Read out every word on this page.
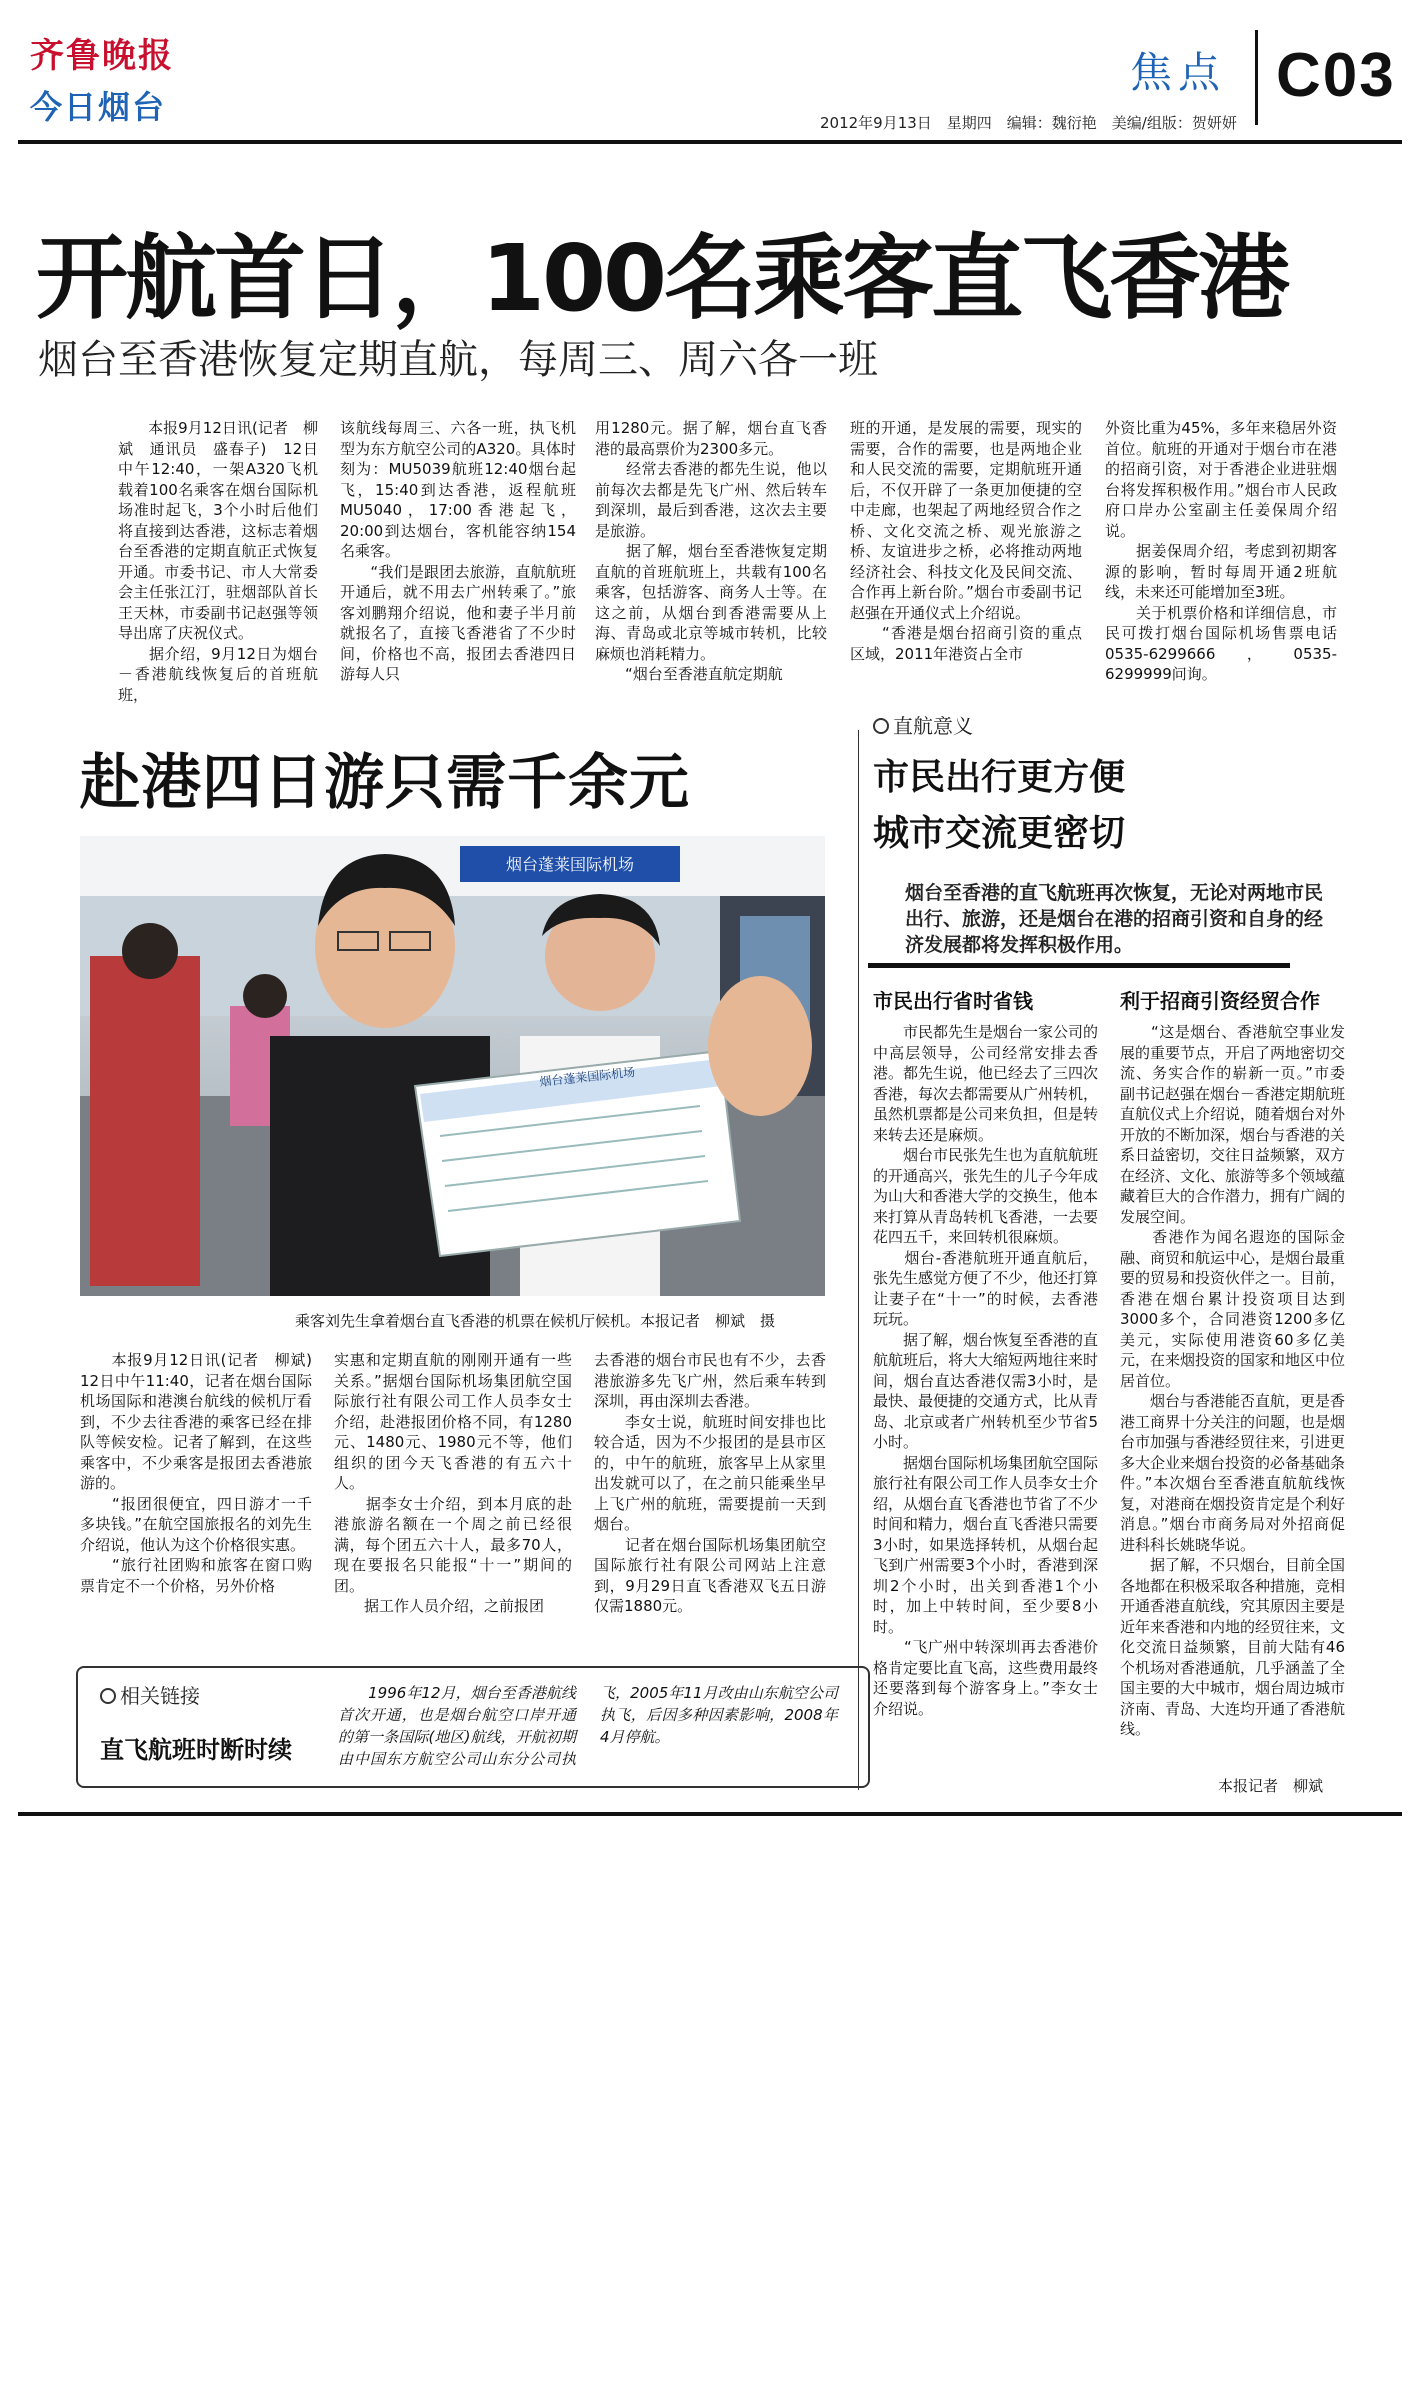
齐鲁晚报
今日烟台
焦点 C03
2012年9月13日　星期四　编辑：魏衍艳　美编/组版：贺妍妍
开航首日，100名乘客直飞香港
烟台至香港恢复定期直航，每周三、周六各一班

　　本报9月12日讯(记者　柳斌　通讯员　盛春子)　12日中午12:40，一架A320飞机载着100名乘客在烟台国际机场准时起飞，3个小时后他们将直接到达香港，这标志着烟台至香港的定期直航正式恢复开通。市委书记、市人大常委会主任张江汀，驻烟部队首长王天林，市委副书记赵强等领导出席了庆祝仪式。
　　据介绍，9月12日为烟台－香港航线恢复后的首班航班，

该航线每周三、六各一班，执飞机型为东方航空公司的A320。具体时刻为：MU5039航班12:40烟台起飞，15:40到达香港，返程航班MU5040，17:00香港起飞，20:00到达烟台，客机能容纳154名乘客。
　　“我们是跟团去旅游，直航航班开通后，就不用去广州转乘了。”旅客刘鹏翔介绍说，他和妻子半月前就报名了，直接飞香港省了不少时间，价格也不高，报团去香港四日游每人只

用1280元。据了解，烟台直飞香港的最高票价为2300多元。
　　经常去香港的都先生说，他以前每次去都是先飞广州、然后转车到深圳，最后到香港，这次去主要是旅游。
　　据了解，烟台至香港恢复定期直航的首班航班上，共载有100名乘客，包括游客、商务人士等。在这之前，从烟台到香港需要从上海、青岛或北京等城市转机，比较麻烦也消耗精力。
　　“烟台至香港直航定期航

班的开通，是发展的需要，现实的需要，合作的需要，也是两地企业和人民交流的需要，定期航班开通后，不仅开辟了一条更加便捷的空中走廊，也架起了两地经贸合作之桥、文化交流之桥、观光旅游之桥、友谊进步之桥，必将推动两地经济社会、科技文化及民间交流、合作再上新台阶。”烟台市委副书记赵强在开通仪式上介绍说。
　　“香港是烟台招商引资的重点区域，2011年港资占全市

外资比重为45%，多年来稳居外资首位。航班的开通对于烟台市在港的招商引资，对于香港企业进驻烟台将发挥积极作用。”烟台市人民政府口岸办公室副主任姜保周介绍说。
　　据姜保周介绍，考虑到初期客源的影响，暂时每周开通2班航线，未来还可能增加至3班。
　　关于机票价格和详细信息，市民可拨打烟台国际机场售票电话0535-6299666，0535-6299999问询。

赴港四日游只需千余元
烟台蓬莱国际机场
烟台蓬莱国际机场
乘客刘先生拿着烟台直飞香港的机票在候机厅候机。本报记者　柳斌　摄

　　本报9月12日讯(记者　柳斌)　12日中午11:40，记者在烟台国际机场国际和港澳台航线的候机厅看到，不少去往香港的乘客已经在排队等候安检。记者了解到，在这些乘客中，不少乘客是报团去香港旅游的。
　　“报团很便宜，四日游才一千多块钱。”在航空国旅报名的刘先生介绍说，他认为这个价格很实惠。
　　“旅行社团购和旅客在窗口购票肯定不一个价格，另外价格

实惠和定期直航的刚刚开通有一些关系。”据烟台国际机场集团航空国际旅行社有限公司工作人员李女士介绍，赴港报团价格不同，有1280元、1480元、1980元不等，他们组织的团今天飞香港的有五六十人。
　　据李女士介绍，到本月底的赴港旅游名额在一个周之前已经很满，每个团五六十人，最多70人，现在要报名只能报“十一”期间的团。
　　据工作人员介绍，之前报团

去香港的烟台市民也有不少，去香港旅游多先飞广州，然后乘车转到深圳，再由深圳去香港。
　　李女士说，航班时间安排也比较合适，因为不少报团的是县市区的，中午的航班，旅客早上从家里出发就可以了，在之前只能乘坐早上飞广州的航班，需要提前一天到烟台。
　　记者在烟台国际机场集团航空国际旅行社有限公司网站上注意到，9月29日直飞香港双飞五日游仅需1880元。

相关链接
直飞航班时断时续
　　1996年12月，烟台至香港航线首次开通，也是烟台航空口岸开通的第一条国际(地区)航线，开航初期由中国东方航空公司山东分公司执飞，2005年11月改由山东航空公司执飞，后因多种因素影响，2008年4月停航。
直航意义
市民出行更方便
城市交流更密切
烟台至香港的直飞航班再次恢复，无论对两地市民出行、旅游，还是烟台在港的招商引资和自身的经济发展都将发挥积极作用。
市民出行省时省钱	利于招商引资经贸合作
　　市民都先生是烟台一家公司的中高层领导，公司经常安排去香港。都先生说，他已经去了三四次香港，每次去都需要从广州转机，虽然机票都是公司来负担，但是转来转去还是麻烦。
　　烟台市民张先生也为直航航班的开通高兴，张先生的儿子今年成为山大和香港大学的交换生，他本来打算从青岛转机飞香港，一去要花四五千，来回转机很麻烦。
　　烟台-香港航班开通直航后，张先生感觉方便了不少，他还打算让妻子在“十一”的时候，去香港玩玩。
　　据了解，烟台恢复至香港的直航航班后，将大大缩短两地往来时间，烟台直达香港仅需3小时，是最快、最便捷的交通方式，比从青岛、北京或者广州转机至少节省5小时。
　　据烟台国际机场集团航空国际旅行社有限公司工作人员李女士介绍，从烟台直飞香港也节省了不少时间和精力，烟台直飞香港只需要3小时，如果选择转机，从烟台起飞到广州需要3个小时，香港到深圳2个小时，出关到香港1个小时，加上中转时间，至少要8小时。
　　“飞广州中转深圳再去香港价格肯定要比直飞高，这些费用最终还要落到每个游客身上。”李女士介绍说。
　　“这是烟台、香港航空事业发展的重要节点，开启了两地密切交流、务实合作的崭新一页。”市委副书记赵强在烟台－香港定期航班直航仪式上介绍说，随着烟台对外开放的不断加深，烟台与香港的关系日益密切，交往日益频繁，双方在经济、文化、旅游等多个领域蕴藏着巨大的合作潜力，拥有广阔的发展空间。
　　香港作为闻名遐迩的国际金融、商贸和航运中心，是烟台最重要的贸易和投资伙伴之一。目前，香港在烟台累计投资项目达到3000多个，合同港资1200多亿美元，实际使用港资60多亿美元，在来烟投资的国家和地区中位居首位。
　　烟台与香港能否直航，更是香港工商界十分关注的问题，也是烟台市加强与香港经贸往来，引进更多大企业来烟台投资的必备基础条件。”本次烟台至香港直航航线恢复，对港商在烟投资肯定是个利好消息。”烟台市商务局对外招商促进科科长姚晓华说。
　　据了解，不只烟台，目前全国各地都在积极采取各种措施，竞相开通香港直航线，究其原因主要是近年来香港和内地的经贸往来，文化交流日益频繁，目前大陆有46个机场对香港通航，几乎涵盖了全国主要的大中城市，烟台周边城市济南、青岛、大连均开通了香港航线。
本报记者　柳斌
